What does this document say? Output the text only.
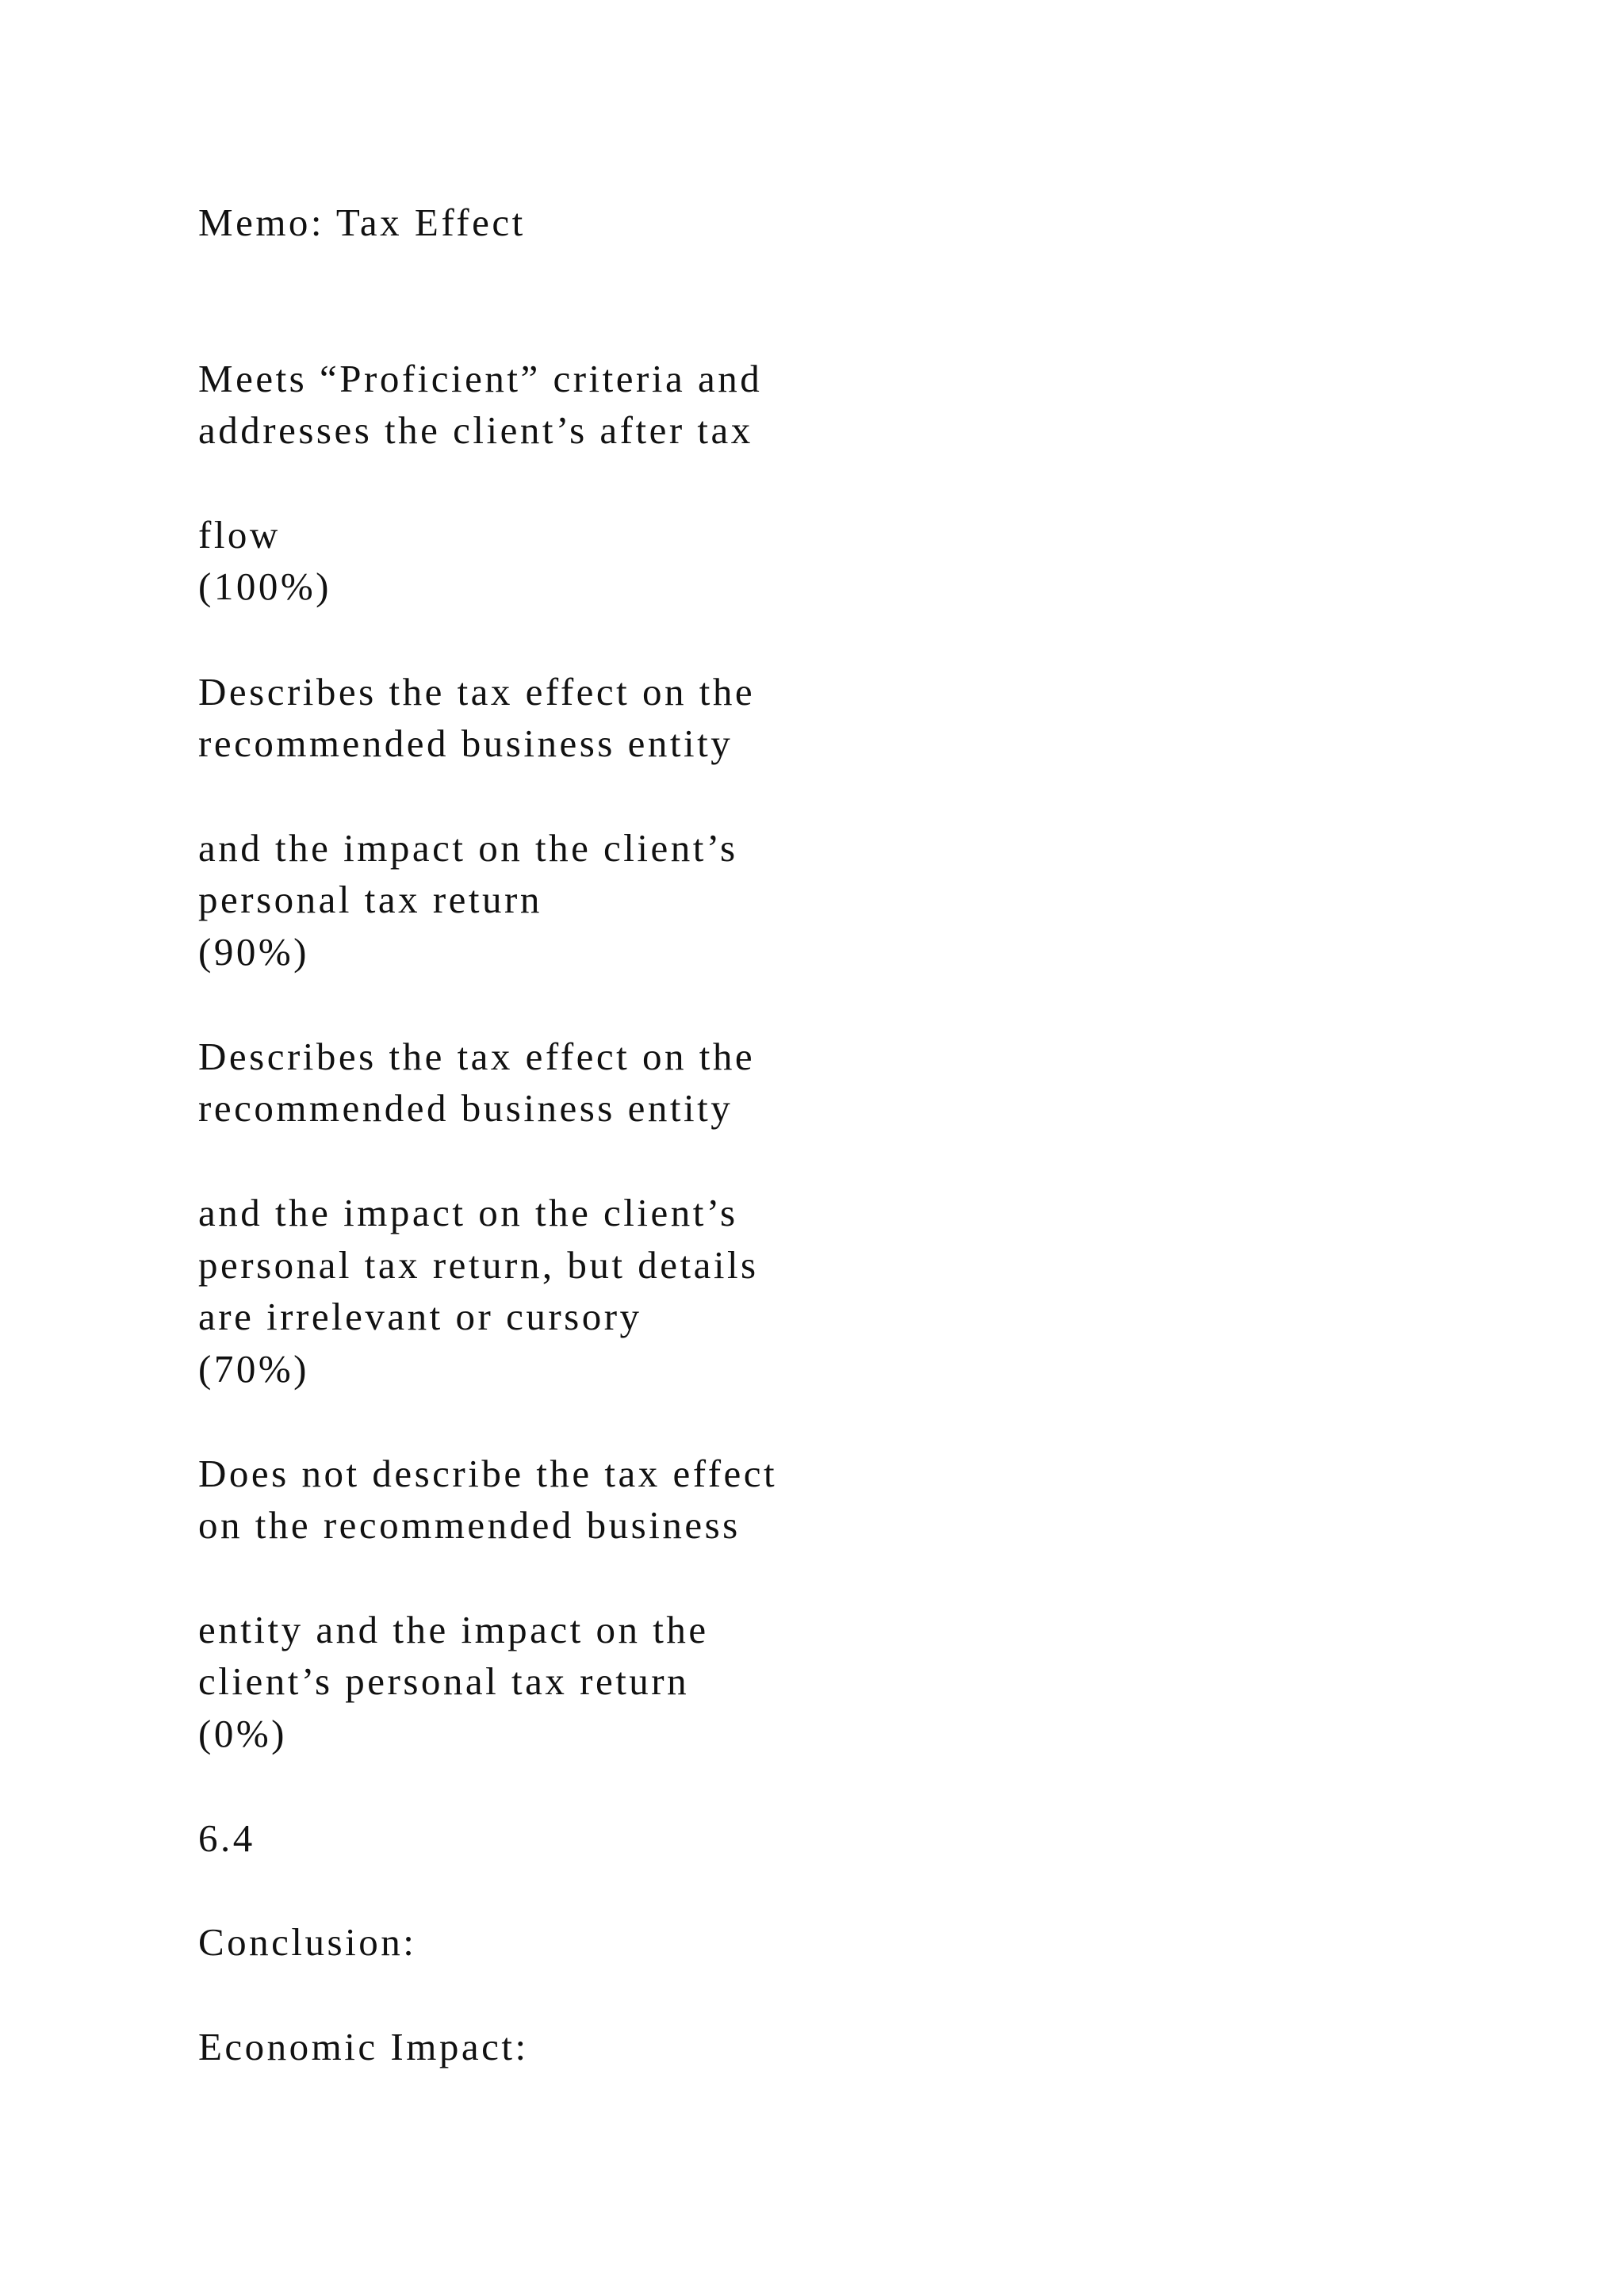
Memo: Tax Effect

Meets “Proficient” criteria and

addresses the client’s after tax

flow

(100%)

Describes the tax effect on the

recommended business entity

and the impact on the client’s

personal tax return

(90%)

Describes the tax effect on the

recommended business entity

and the impact on the client’s

personal tax return, but details

are irrelevant or cursory

(70%)

Does not describe the tax effect

on the recommended business

entity and the impact on the

client’s personal tax return

(0%)

6.4

Conclusion:

Economic Impact:
